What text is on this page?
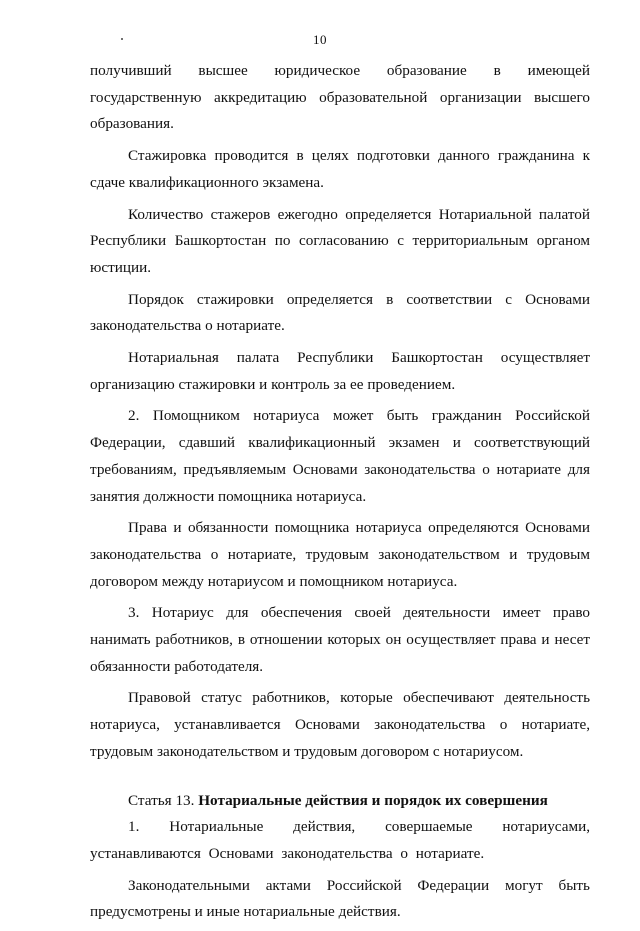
10

получивший высшее юридическое образование в имеющей государственную аккредитацию образовательной организации высшего образования.

Стажировка проводится в целях подготовки данного гражданина к сдаче квалификационного экзамена.

Количество стажеров ежегодно определяется Нотариальной палатой Республики Башкортостан по согласованию с территориальным органом юстиции.

Порядок стажировки определяется в соответствии с Основами законодательства о нотариате.

Нотариальная палата Республики Башкортостан осуществляет организацию стажировки и контроль за ее проведением.

2. Помощником нотариуса может быть гражданин Российской Федерации, сдавший квалификационный экзамен и соответствующий требованиям, предъявляемым Основами законодательства о нотариате для занятия должности помощника нотариуса.

Права и обязанности помощника нотариуса определяются Основами законодательства о нотариате, трудовым законодательством и трудовым договором между нотариусом и помощником нотариуса.

3. Нотариус для обеспечения своей деятельности имеет право нанимать работников, в отношении которых он осуществляет права и несет обязанности работодателя.

Правовой статус работников, которые обеспечивают деятельность нотариуса, устанавливается Основами законодательства о нотариате, трудовым законодательством и трудовым договором с нотариусом.

Статья 13. Нотариальные действия и порядок их совершения

1. Нотариальные действия, совершаемые нотариусами, устанавливаются Основами законодательства о нотариате.

Законодательными актами Российской Федерации могут быть предусмотрены и иные нотариальные действия.
